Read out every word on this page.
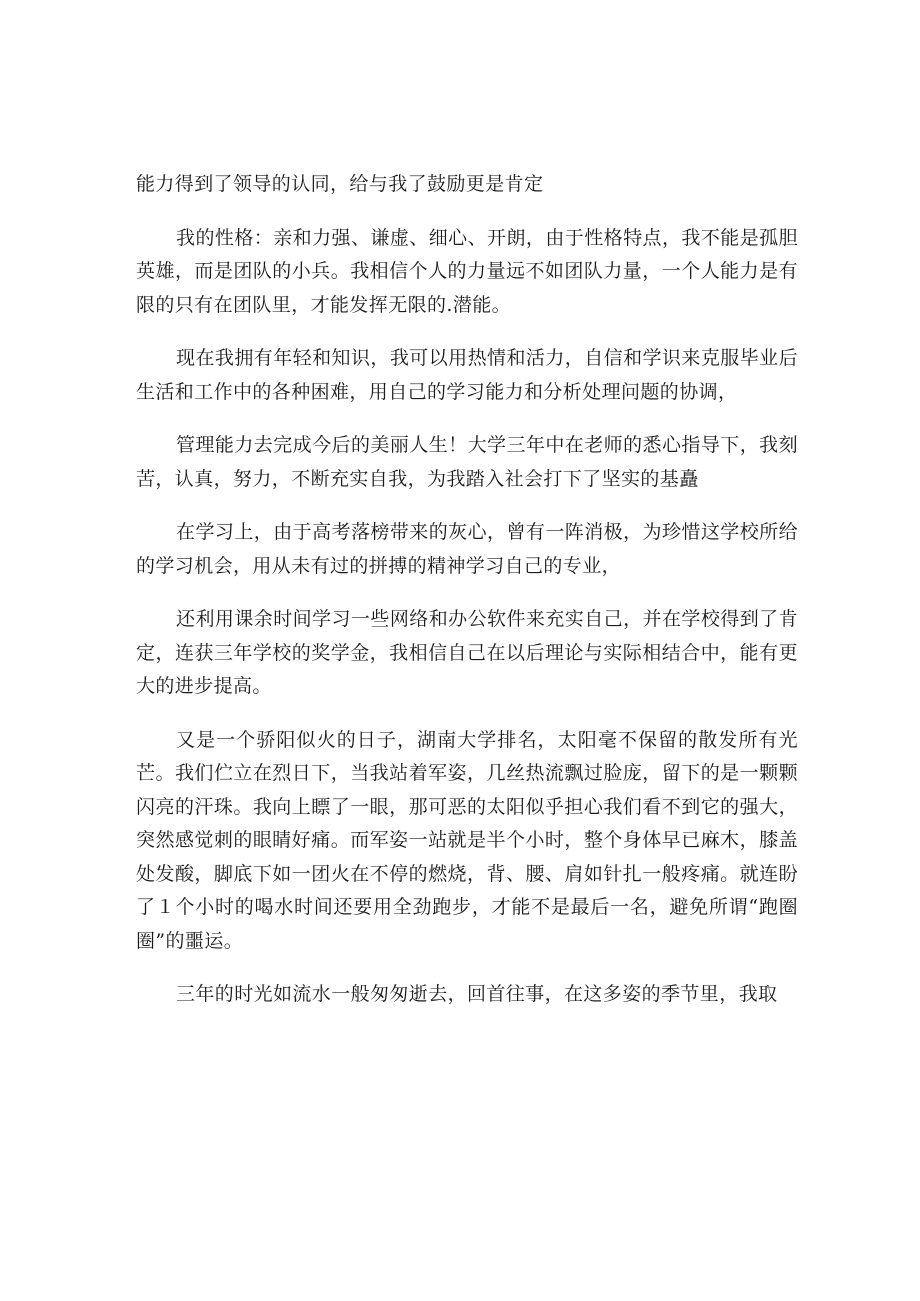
能力得到了领导的认同，给与我了鼓励更是肯定

我的性格：亲和力强、谦虚、细心、开朗，由于性格特点，我不能是孤胆英雄，而是团队的小兵。我相信个人的力量远不如团队力量，一个人能力是有限的只有在团队里，才能发挥无限的.潜能。

现在我拥有年轻和知识，我可以用热情和活力，自信和学识来克服毕业后生活和工作中的各种困难，用自己的学习能力和分析处理问题的协调，

管理能力去完成今后的美丽人生！大学三年中在老师的悉心指导下，我刻苦，认真，努力，不断充实自我，为我踏入社会打下了坚实的基矗

在学习上，由于高考落榜带来的灰心，曾有一阵消极，为珍惜这学校所给的学习机会，用从未有过的拼搏的精神学习自己的专业，

还利用课余时间学习一些网络和办公软件来充实自己，并在学校得到了肯定，连获三年学校的奖学金，我相信自己在以后理论与实际相结合中，能有更大的进步提高。

又是一个骄阳似火的日子，湖南大学排名，太阳毫不保留的散发所有光芒。我们伫立在烈日下，当我站着军姿，几丝热流飘过脸庞，留下的是一颗颗闪亮的汗珠。我向上瞟了一眼，那可恶的太阳似乎担心我们看不到它的强大，突然感觉刺的眼睛好痛。而军姿一站就是半个小时，整个身体早已麻木，膝盖处发酸，脚底下如一团火在不停的燃烧，背、腰、肩如针扎一般疼痛。就连盼了１个小时的喝水时间还要用全劲跑步，才能不是最后一名，避免所谓“跑圈圈”的噩运。

三年的时光如流水一般匆匆逝去，回首往事，在这多姿的季节里，我取
